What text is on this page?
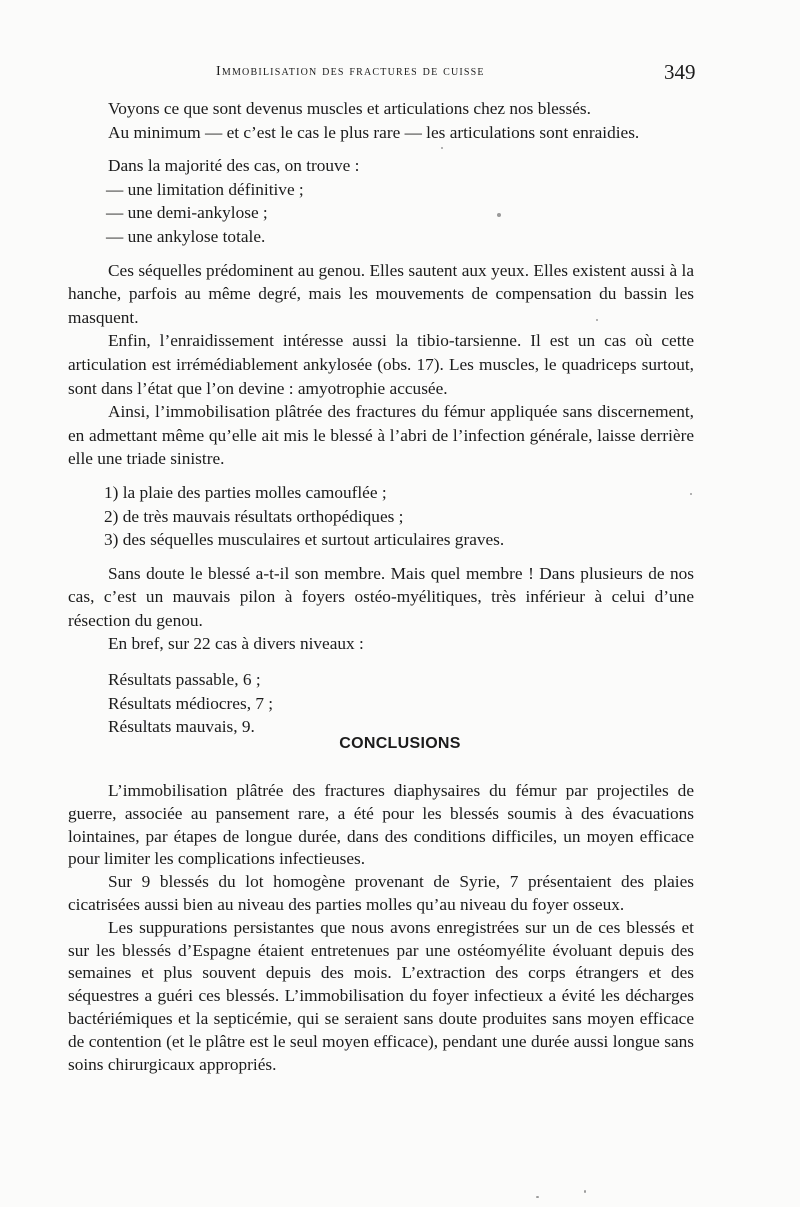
Immobilisation des fractures de cuisse	349

Voyons ce que sont devenus muscles et articulations chez nos blessés.

Au minimum — et c’est le cas le plus rare — les articulations sont enraidies.

Dans la majorité des cas, on trouve :

— une limitation définitive ;
— une demi-ankylose ;
— une ankylose totale.

Ces séquelles prédominent au genou. Elles sautent aux yeux. Elles existent aussi à la hanche, parfois au même degré, mais les mouvements de compensation du bassin les masquent.

Enfin, l’enraidissement intéresse aussi la tibio-tarsienne. Il est un cas où cette articulation est irrémédiablement ankylosée (obs. 17). Les muscles, le quadriceps surtout, sont dans l’état que l’on devine : amyotrophie accusée.

Ainsi, l’immobilisation plâtrée des fractures du fémur appliquée sans discernement, en admettant même qu’elle ait mis le blessé à l’abri de l’infection générale, laisse derrière elle une triade sinistre.

1) la plaie des parties molles camouflée ;
2) de très mauvais résultats orthopédiques ;
3) des séquelles musculaires et surtout articulaires graves.

Sans doute le blessé a-t-il son membre. Mais quel membre ! Dans plusieurs de nos cas, c’est un mauvais pilon à foyers ostéo-myélitiques, très inférieur à celui d’une résection du genou.

En bref, sur 22 cas à divers niveaux :

Résultats passable, 6 ;
Résultats médiocres, 7 ;
Résultats mauvais, 9.
CONCLUSIONS

L’immobilisation plâtrée des fractures diaphysaires du fémur par projectiles de guerre, associée au pansement rare, a été pour les blessés soumis à des évacuations lointaines, par étapes de longue durée, dans des conditions difficiles, un moyen efficace pour limiter les complications infectieuses.

Sur 9 blessés du lot homogène provenant de Syrie, 7 présentaient des plaies cicatrisées aussi bien au niveau des parties molles qu’au niveau du foyer osseux.

Les suppurations persistantes que nous avons enregistrées sur un de ces blessés et sur les blessés d’Espagne étaient entretenues par une ostéomyélite évoluant depuis des semaines et plus souvent depuis des mois. L’extraction des corps étrangers et des séquestres a guéri ces blessés. L’immobilisation du foyer infectieux a évité les décharges bactériémiques et la septicémie, qui se seraient sans doute produites sans moyen efficace de contention (et le plâtre est le seul moyen efficace), pendant une durée aussi longue sans soins chirurgicaux appropriés.
